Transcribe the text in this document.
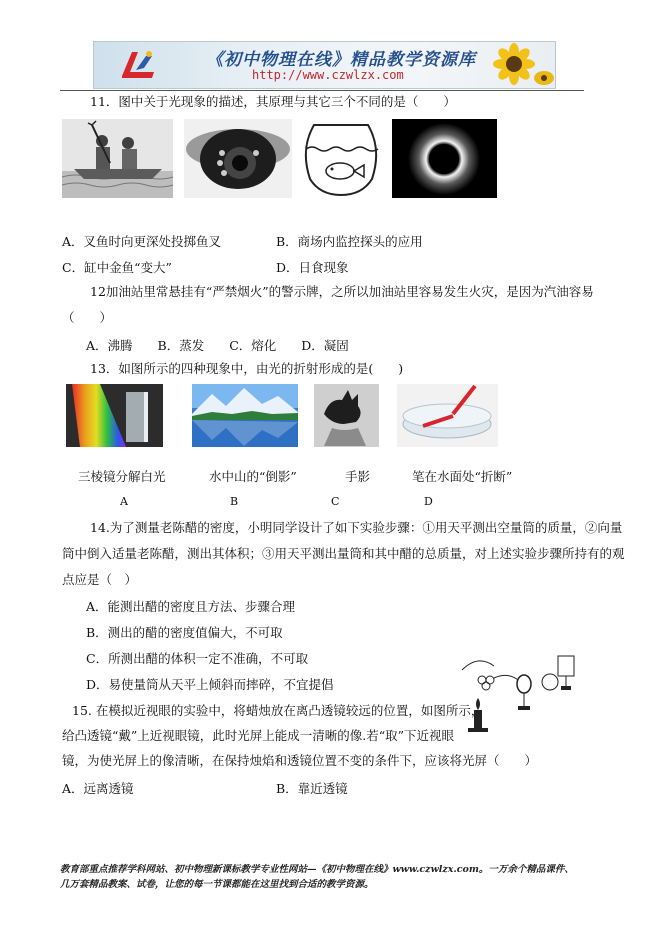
《初中物理在线》精品教学资源库
http://www.czwlzx.com
11．图中关于光现象的描述，其原理与其它三个不同的是（　　）
A．叉鱼时向更深处投掷鱼叉	B．商场内监控探头的应用
C．缸中金鱼“变大”	D．日食现象
12加油站里常悬挂有“严禁烟火”的警示牌，之所以加油站里容易发生火灾，是因为汽油容易
（　　）
A．沸腾　　B．蒸发　　C．熔化　　D．凝固
13．如图所示的四种现象中，由光的折射形成的是(　　)
三棱镜分解白光	水中山的“倒影”	手影	笔在水面处“折断”
A	B	C	D
14.为了测量老陈醋的密度，小明同学设计了如下实验步骤：①用天平测出空量筒的质量，②向量
筒中倒入适量老陈醋，测出其体积；③用天平测出量筒和其中醋的总质量，对上述实验步骤所持有的观
点应是（　）
A．能测出醋的密度且方法、步骤合理
B．测出的醋的密度值偏大，不可取
C．所测出醋的体积一定不准确，不可取
D．易使量筒从天平上倾斜而摔碎，不宜提倡
15. 在模拟近视眼的实验中，将蜡烛放在离凸透镜较远的位置，如图所示，
给凸透镜“戴”上近视眼镜，此时光屏上能成一清晰的像.若“取”下近视眼
镜，为使光屏上的像清晰，在保持烛焰和透镜位置不变的条件下，应该将光屏（　　）
A．远离透镜	B．靠近透镜
教育部重点推荐学科网站、初中物理新课标教学专业性网站—《初中物理在线》www.czwlzx.com。一万余个精品课件、
几万套精品教案、试卷，让您的每一节课都能在这里找到合适的教学资源。
